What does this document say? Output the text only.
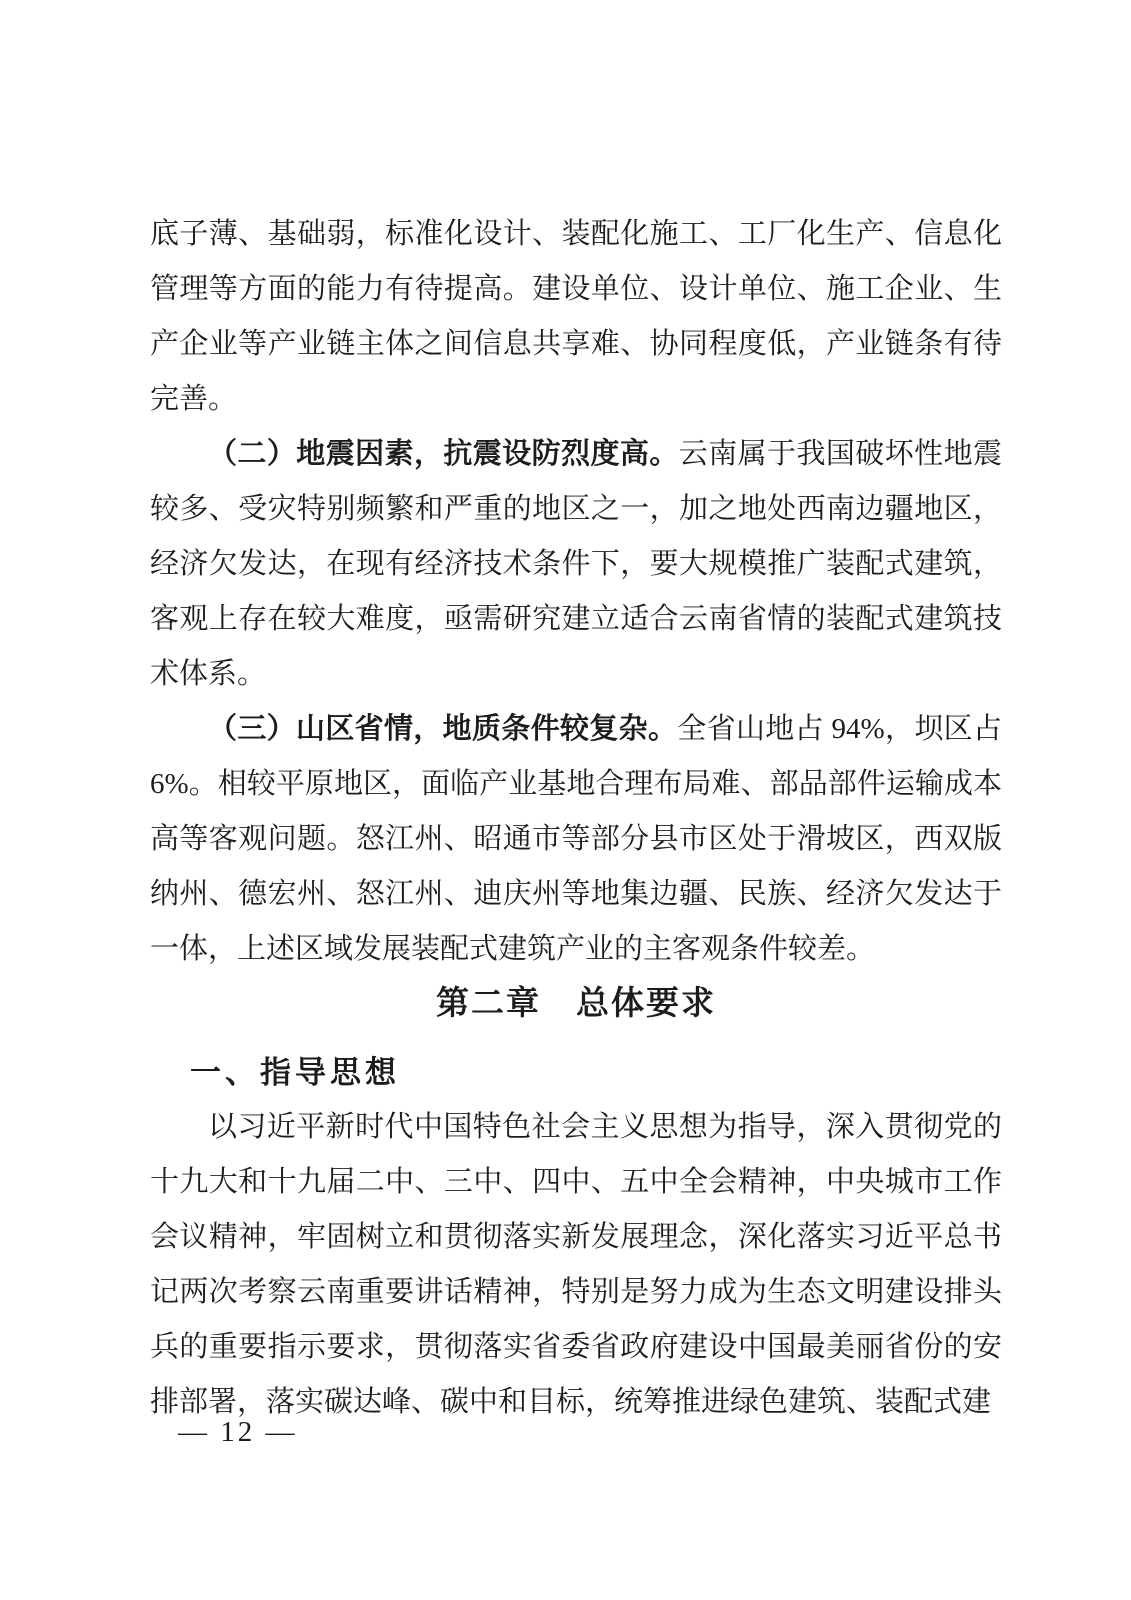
底子薄、基础弱，标准化设计、装配化施工、工厂化生产、信息化管理等方面的能力有待提高。建设单位、设计单位、施工企业、生产企业等产业链主体之间信息共享难、协同程度低，产业链条有待完善。

（二）地震因素，抗震设防烈度高。云南属于我国破坏性地震较多、受灾特别频繁和严重的地区之一，加之地处西南边疆地区，经济欠发达，在现有经济技术条件下，要大规模推广装配式建筑，客观上存在较大难度，亟需研究建立适合云南省情的装配式建筑技术体系。

（三）山区省情，地质条件较复杂。全省山地占 94%，坝区占 6%。相较平原地区，面临产业基地合理布局难、部品部件运输成本高等客观问题。怒江州、昭通市等部分县市区处于滑坡区，西双版纳州、德宏州、怒江州、迪庆州等地集边疆、民族、经济欠发达于一体，上述区域发展装配式建筑产业的主客观条件较差。

第二章　总体要求
一、指导思想

以习近平新时代中国特色社会主义思想为指导，深入贯彻党的十九大和十九届二中、三中、四中、五中全会精神，中央城市工作会议精神，牢固树立和贯彻落实新发展理念，深化落实习近平总书记两次考察云南重要讲话精神，特别是努力成为生态文明建设排头兵的重要指示要求，贯彻落实省委省政府建设中国最美丽省份的安排部署，落实碳达峰、碳中和目标，统筹推进绿色建筑、装配式建

— 12 —
